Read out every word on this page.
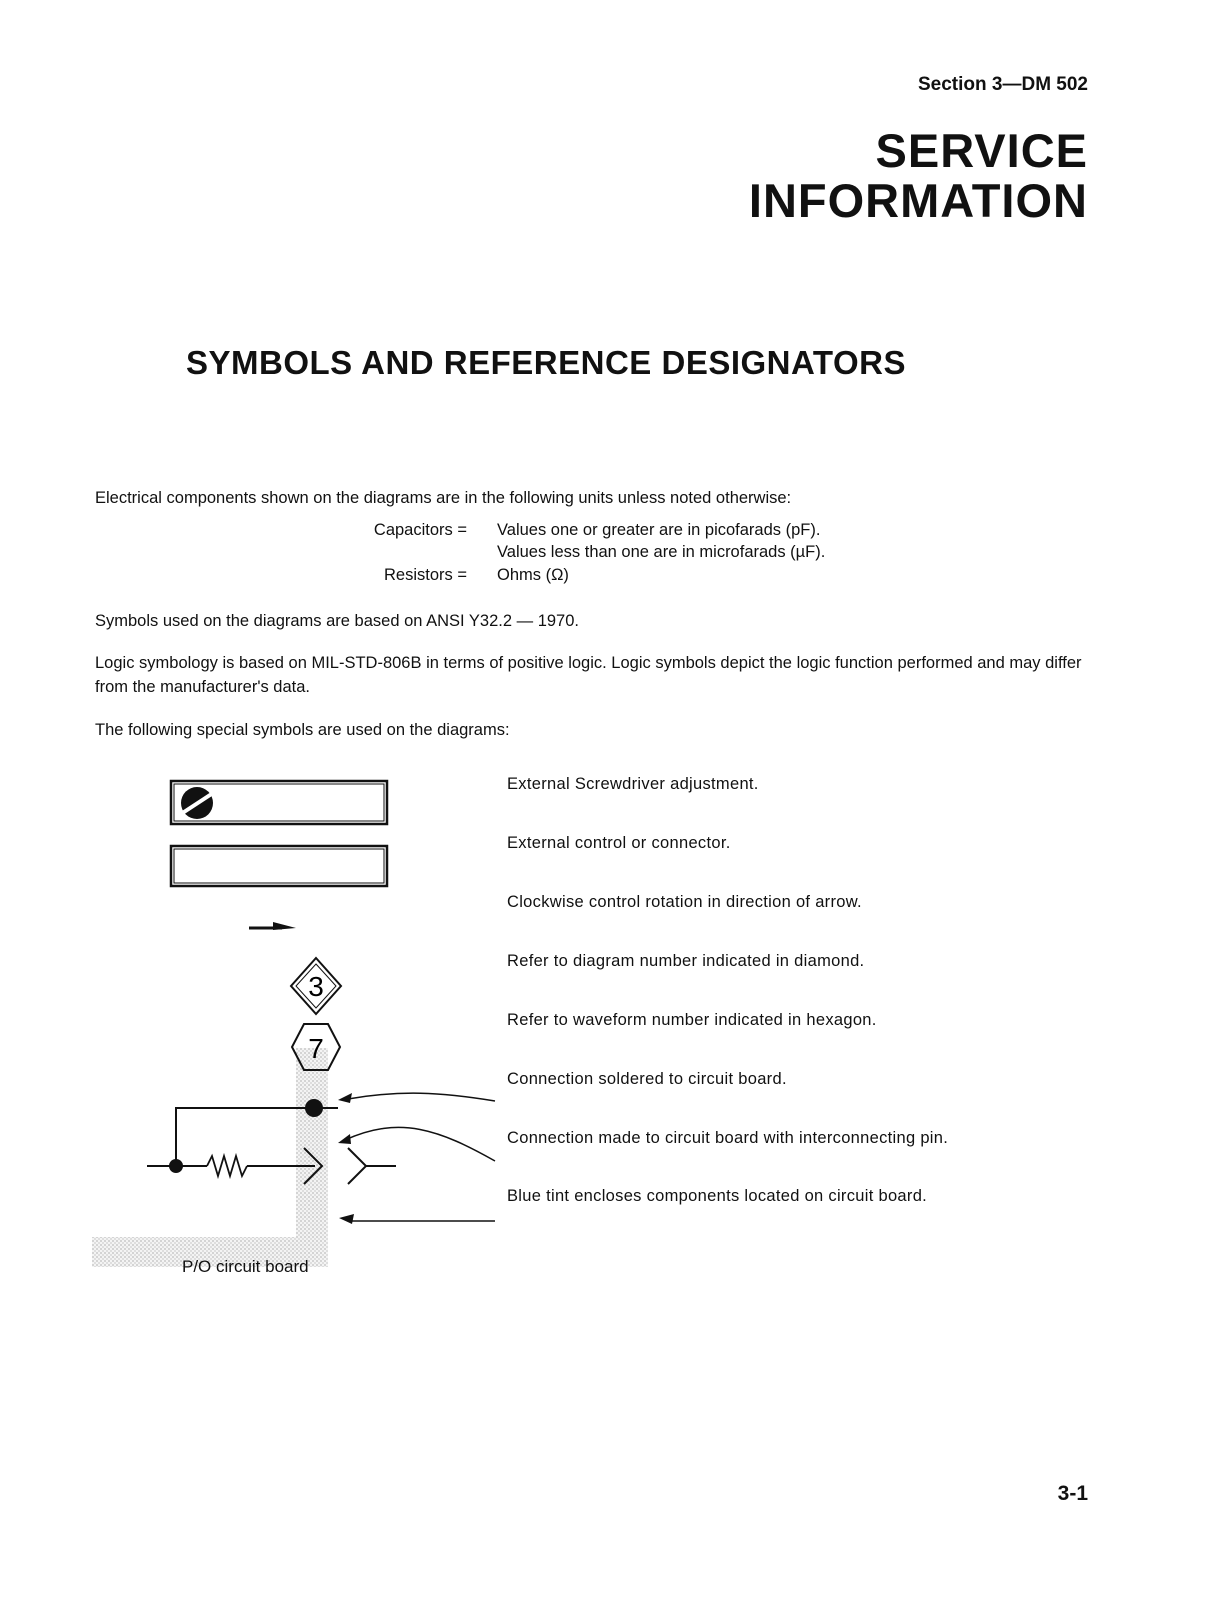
Section 3—DM 502
SERVICE
INFORMATION
SYMBOLS AND REFERENCE DESIGNATORS
Electrical components shown on the diagrams are in the following units unless noted otherwise:
Capacitors = Values one or greater are in picofarads (pF).
Values less than one are in microfarads (µF).
Resistors = Ohms (Ω)
Symbols used on the diagrams are based on ANSI Y32.2 — 1970.
Logic symbology is based on MIL-STD-806B in terms of positive logic. Logic symbols depict the logic function performed and may differ from the manufacturer's data.
The following special symbols are used on the diagrams:
External Screwdriver adjustment.
External control or connector.
Clockwise control rotation in direction of arrow.
Refer to diagram number indicated in diamond.
Refer to waveform number indicated in hexagon.
Connection soldered to circuit board.
Connection made to circuit board with interconnecting pin.
Blue tint encloses components located on circuit board.
3
7
P/O circuit board
3-1
